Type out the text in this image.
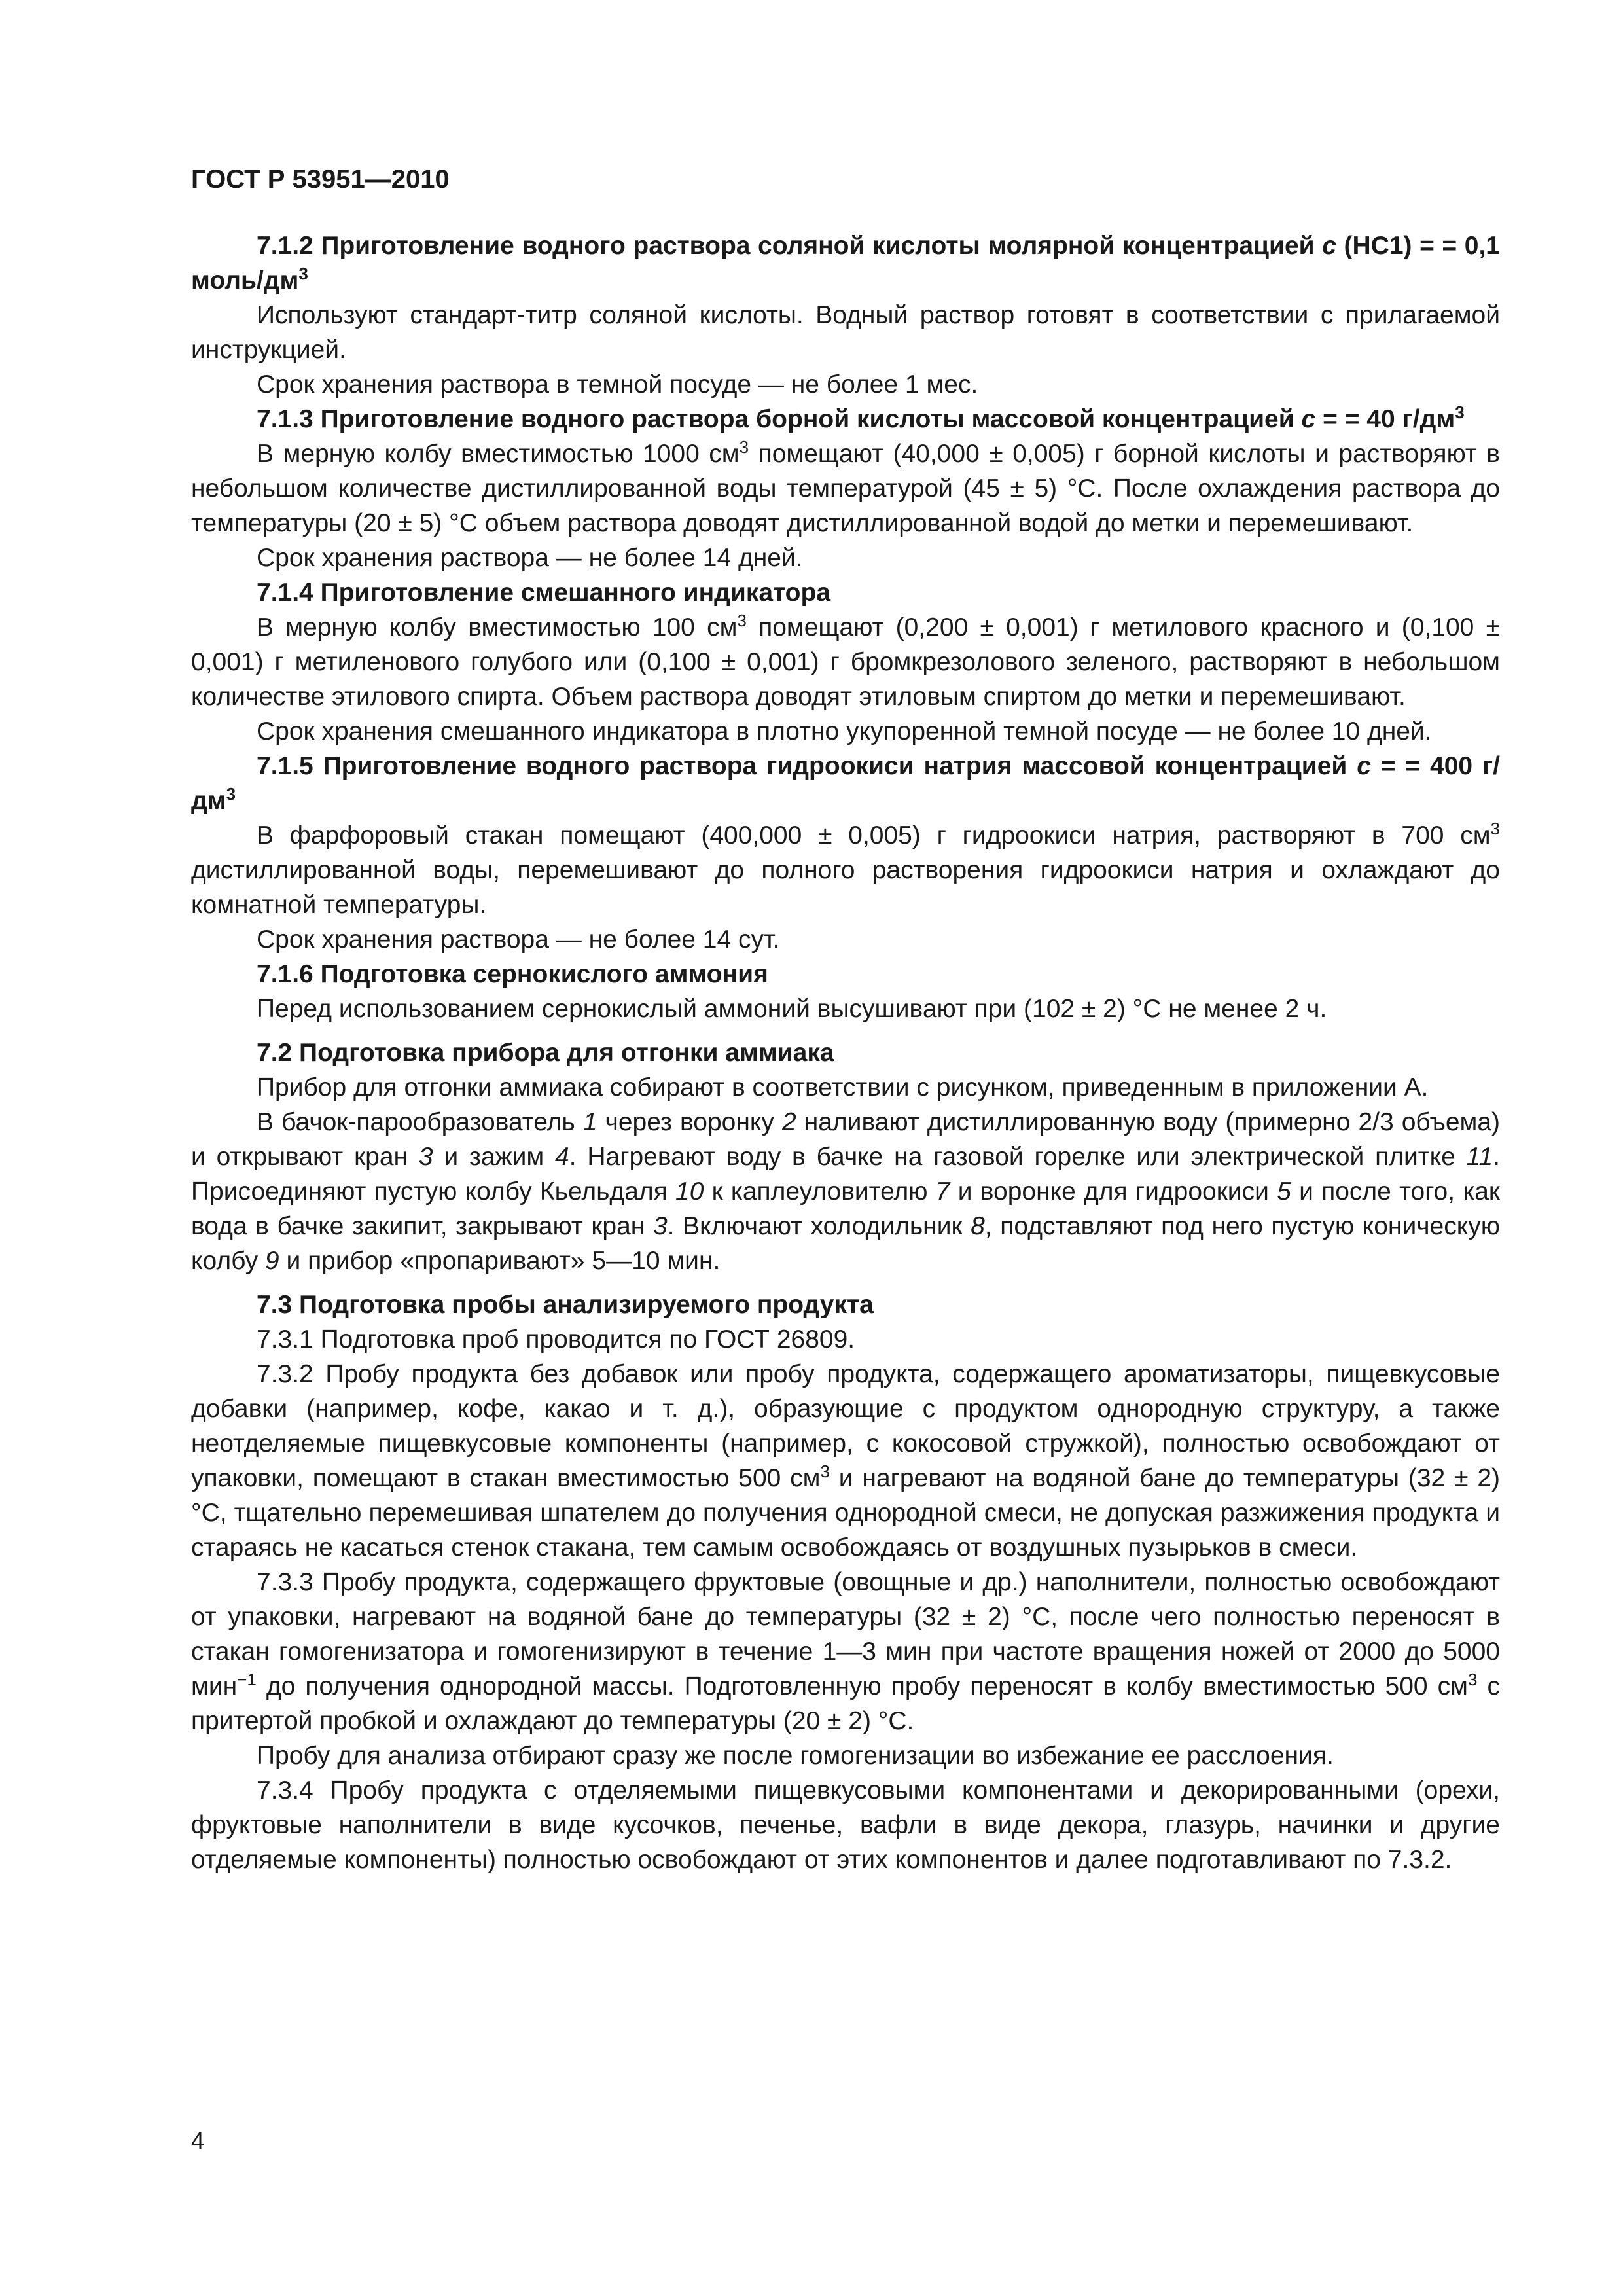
ГОСТ Р 53951—2010

7.1.2 Приготовление водного раствора соляной кислоты молярной концентрацией c (HC1) = = 0,1 моль/$дм^3$

Используют стандарт-титр соляной кислоты. Водный раствор готовят в соответствии с прилагаемой инструкцией.

Срок хранения раствора в темной посуде — не более 1 мес.

7.1.3 Приготовление водного раствора борной кислоты массовой концентрацией c = = 40 $г/дм^3$

В мерную колбу вместимостью 1000 $см^3$ помещают (40,000 ± 0,005) г борной кислоты и растворяют в небольшом количестве дистиллированной воды температурой (45 ± 5) °С. После охлаждения раствора до температуры (20 ± 5) °С объем раствора доводят дистиллированной водой до метки и перемешивают.

Срок хранения раствора — не более 14 дней.

7.1.4 Приготовление смешанного индикатора

В мерную колбу вместимостью 100 $см^3$ помещают (0,200 ± 0,001) г метилового красного и (0,100 ± 0,001) г метиленового голубого или (0,100 ± 0,001) г бромкрезолового зеленого, растворяют в небольшом количестве этилового спирта. Объем раствора доводят этиловым спиртом до метки и перемешивают.

Срок хранения смешанного индикатора в плотно укупоренной темной посуде — не более 10 дней.

7.1.5 Приготовление водного раствора гидроокиси натрия массовой концентрацией c = = 400 $г/дм^3$

В фарфоровый стакан помещают (400,000 ± 0,005) г гидроокиси натрия, растворяют в 700 $см^3$ дистиллированной воды, перемешивают до полного растворения гидроокиси натрия и охлаждают до комнатной температуры.

Срок хранения раствора — не более 14 сут.

7.1.6 Подготовка сернокислого аммония

Перед использованием сернокислый аммоний высушивают при (102 ± 2) °С не менее 2 ч.

7.2 Подготовка прибора для отгонки аммиака

Прибор для отгонки аммиака собирают в соответствии с рисунком, приведенным в приложении А.

В бачок-парообразователь 1 через воронку 2 наливают дистиллированную воду (примерно 2/3 объема) и открывают кран 3 и зажим 4. Нагревают воду в бачке на газовой горелке или электрической плитке 11. Присоединяют пустую колбу Кьельдаля 10 к каплеуловителю 7 и воронке для гидроокиси 5 и после того, как вода в бачке закипит, закрывают кран 3. Включают холодильник 8, подставляют под него пустую коническую колбу 9 и прибор «пропаривают» 5—10 мин.

7.3 Подготовка пробы анализируемого продукта

7.3.1 Подготовка проб проводится по ГОСТ 26809.

7.3.2 Пробу продукта без добавок или пробу продукта, содержащего ароматизаторы, пищевкусовые добавки (например, кофе, какао и т. д.), образующие с продуктом однородную структуру, а также неотделяемые пищевкусовые компоненты (например, с кокосовой стружкой), полностью освобождают от упаковки, помещают в стакан вместимостью 500 $см^3$ и нагревают на водяной бане до температуры (32 ± 2) °С, тщательно перемешивая шпателем до получения однородной смеси, не допуская разжижения продукта и стараясь не касаться стенок стакана, тем самым освобождаясь от воздушных пузырьков в смеси.

7.3.3 Пробу продукта, содержащего фруктовые (овощные и др.) наполнители, полностью освобождают от упаковки, нагревают на водяной бане до температуры (32 ± 2) °С, после чего полностью переносят в стакан гомогенизатора и гомогенизируют в течение 1—3 мин при частоте вращения ножей от 2000 до 5000 мин$^{-1}$ до получения однородной массы. Подготовленную пробу переносят в колбу вместимостью 500 $см^3$ с притертой пробкой и охлаждают до температуры (20 ± 2) °С.

Пробу для анализа отбирают сразу же после гомогенизации во избежание ее расслоения.

7.3.4 Пробу продукта с отделяемыми пищевкусовыми компонентами и декорированными (орехи, фруктовые наполнители в виде кусочков, печенье, вафли в виде декора, глазурь, начинки и другие отделяемые компоненты) полностью освобождают от этих компонентов и далее подготавливают по 7.3.2.

4
